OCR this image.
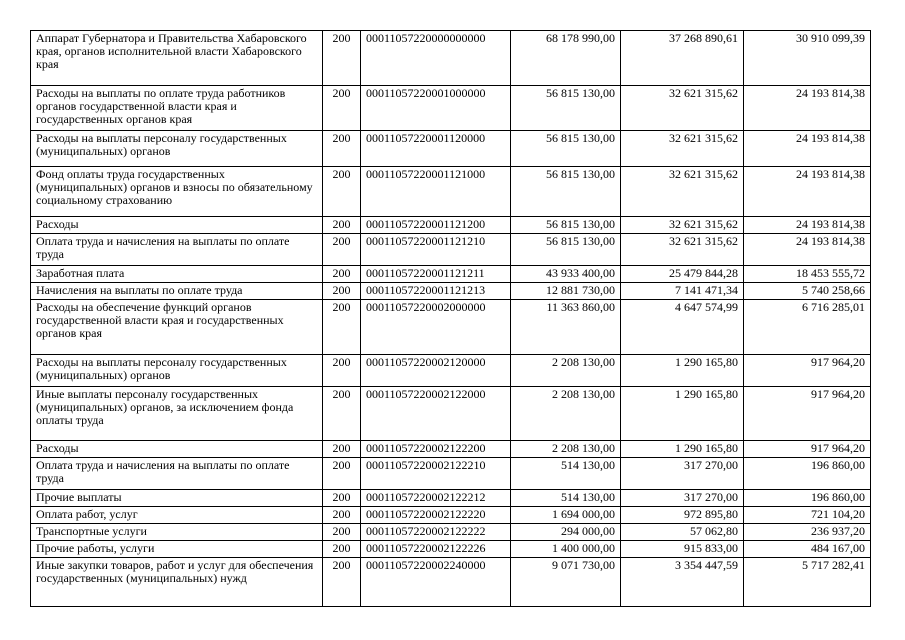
Аппарат Губернатора и Правительства Хабаровского края, органов исполнительной власти Хабаровского края	200	00011057220000000000	68 178 990,00	37 268 890,61	30 910 099,39
Расходы на выплаты по оплате труда работников органов государственной власти края и государственных органов края	200	00011057220001000000	56 815 130,00	32 621 315,62	24 193 814,38
Расходы на выплаты персоналу государственных (муниципальных) органов	200	00011057220001120000	56 815 130,00	32 621 315,62	24 193 814,38
Фонд оплаты труда государственных (муниципальных) органов и взносы по обязательному социальному страхованию	200	00011057220001121000	56 815 130,00	32 621 315,62	24 193 814,38
Расходы	200	00011057220001121200	56 815 130,00	32 621 315,62	24 193 814,38
Оплата труда и начисления на выплаты по оплате труда	200	00011057220001121210	56 815 130,00	32 621 315,62	24 193 814,38
Заработная плата	200	00011057220001121211	43 933 400,00	25 479 844,28	18 453 555,72
Начисления на выплаты по оплате труда	200	00011057220001121213	12 881 730,00	7 141 471,34	5 740 258,66
Расходы на обеспечение функций органов государственной власти края и государственных органов края	200	00011057220002000000	11 363 860,00	4 647 574,99	6 716 285,01
Расходы на выплаты персоналу государственных (муниципальных) органов	200	00011057220002120000	2 208 130,00	1 290 165,80	917 964,20
Иные выплаты персоналу государственных (муниципальных) органов, за исключением фонда оплаты труда	200	00011057220002122000	2 208 130,00	1 290 165,80	917 964,20
Расходы	200	00011057220002122200	2 208 130,00	1 290 165,80	917 964,20
Оплата труда и начисления на выплаты по оплате труда	200	00011057220002122210	514 130,00	317 270,00	196 860,00
Прочие выплаты	200	00011057220002122212	514 130,00	317 270,00	196 860,00
Оплата работ, услуг	200	00011057220002122220	1 694 000,00	972 895,80	721 104,20
Транспортные услуги	200	00011057220002122222	294 000,00	57 062,80	236 937,20
Прочие работы, услуги	200	00011057220002122226	1 400 000,00	915 833,00	484 167,00
Иные закупки товаров, работ и услуг для обеспечения государственных (муниципальных) нужд	200	00011057220002240000	9 071 730,00	3 354 447,59	5 717 282,41
